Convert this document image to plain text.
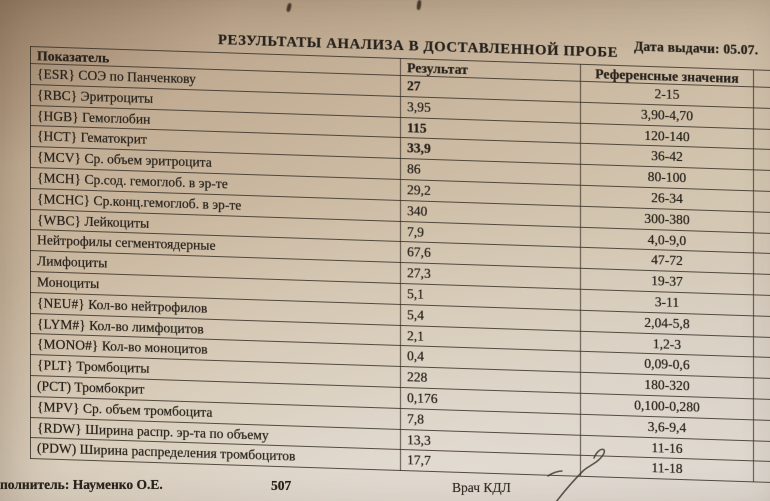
Дата выдачи: 05.07.
РЕЗУЛЬТАТЫ АНАЛИЗА В ДОСТАВЛЕННОЙ ПРОБЕ
Показатель	Результат	Референсные значения	
{ESR} СОЭ по Панченкову	27	2-15	
{RBC} Эритроциты	3,95	3,90-4,70	
{HGB} Гемоглобин	115	120-140	
{HCT} Гематокрит	33,9	36-42	
{MCV} Ср. объем эритроцита	86	80-100	
{MCH} Ср.сод. гемоглоб. в эр-те	29,2	26-34	
{MCHC} Ср.конц.гемоглоб. в эр-те	340	300-380	
{WBC} Лейкоциты	7,9	4,0-9,0	
Нейтрофилы сегментоядерные	67,6	47-72	
Лимфоциты	27,3	19-37	
Моноциты	5,1	3-11	
{NEU#} Кол-во нейтрофилов	5,4	2,04-5,8	
{LYM#} Кол-во лимфоцитов	2,1	1,2-3	
{MONO#} Кол-во моноцитов	0,4	0,09-0,6	
{PLT} Тромбоциты	228	180-320	
(PCT) Тромбокрит	0,176	0,100-0,280	
{MPV} Ср. объем тромбоцита	7,8	3,6-9,4	
{RDW} Ширина распр. эр-та по объему	13,3	11-16	
(PDW) Ширина распределения тромбоцитов	17,7	11-18	
полнитель: Науменко О.Е.	507	Врач КДЛ
